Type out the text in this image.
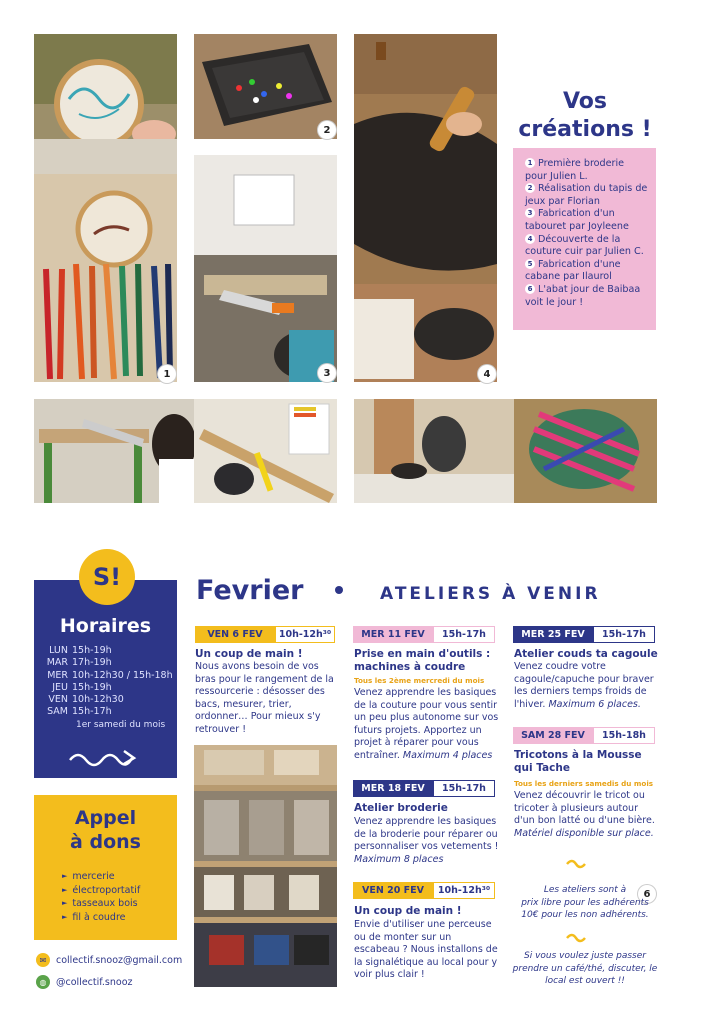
1
2
3	4
6
Vos
créations !
1 Première broderie pour Julien L.
2 Réalisation du tapis de jeux par Florian
3 Fabrication d'un tabouret par Joyleene
4 Découverte de la couture cuir par Julien C.
5 Fabrication d'une cabane par Ilaurol
6 L'abat jour de Baibaa voit le jour !
S!
Horaires
LUN 15h-19h
MAR 17h-19h
MER 10h-12h30 / 15h-18h
JEU 15h-19h
VEN 10h-12h30
SAM 15h-17h
1er samedi du mois
Appel
à dons
► mercerie
► électroportatif
► tasseaux bois
► fil à coudre
✉	collectif.snooz@gmail.com
◍	@collectif.snooz
Fevrier	ATELIERS À VENIR
VEN 6 FEV	10h-12h³⁰
Un coup de main !
Nous avons besoin de vos bras pour le rangement de la ressourcerie : désosser des bacs, mesurer, trier, ordonner… Pour mieux s'y retrouver !
MER 11 FEV	15h-17h
Prise en main d'outils : machines à coudre
Tous les 2ème mercredi du mois
Venez apprendre les basiques de la couture pour vous sentir un peu plus autonome sur vos futurs projets. Apportez un projet à réparer pour vous entraîner. Maximum 4 places
MER 18 FEV	15h-17h
Atelier broderie
Venez apprendre les basiques de la broderie pour réparer ou personnaliser vos vetements !
Maximum 8 places
VEN 20 FEV	10h-12h³⁰
Un coup de main !
Envie d'utiliser une perceuse ou de monter sur un escabeau ? Nous installons de la signalétique au local pour y voir plus clair !
MER 25 FEV	15h-17h
Atelier couds ta cagoule
Venez coudre votre cagoule/capuche pour braver les derniers temps froids de l'hiver. Maximum 6 places.
SAM 28 FEV	15h-18h
Tricotons à la Mousse qui Tache
Tous les derniers samedis du mois
Venez découvrir le tricot ou tricoter à plusieurs autour d'un bon latté ou d'une bière. Matériel disponible sur place.
Les ateliers sont à
prix libre pour les adhérents
10€ pour les non adhérents.
Si vous voulez juste passer
prendre un café/thé, discuter, le
local est ouvert !!
